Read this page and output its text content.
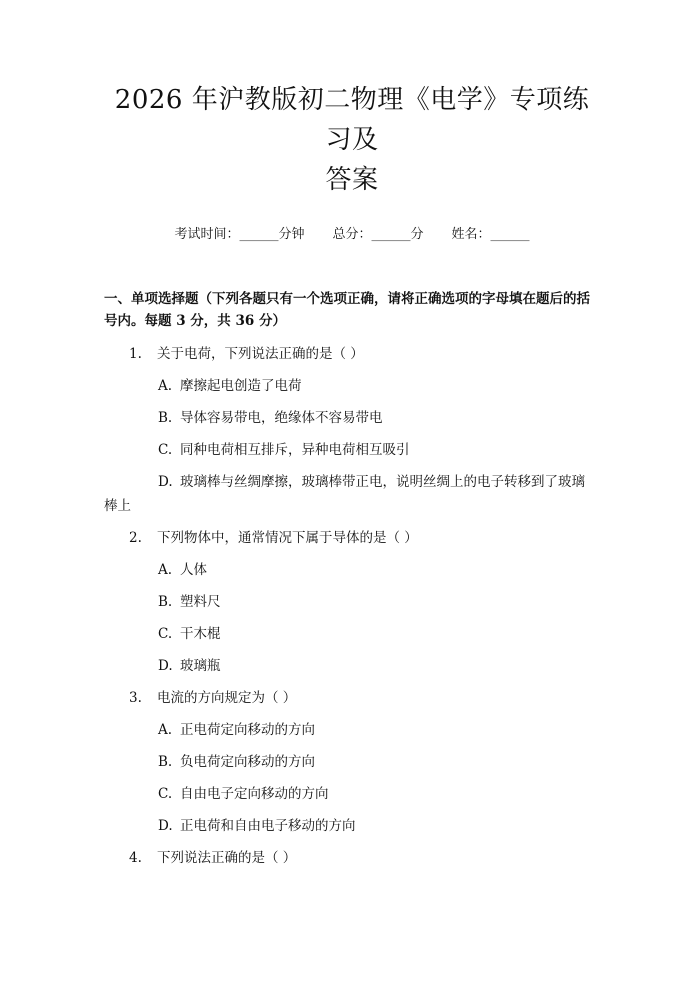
2026 年沪教版初二物理《电学》专项练习及
答案
考试时间：______分钟 总分：______分 姓名：______
一、单项选择题（下列各题只有一个选项正确，请将正确选项的字母填在题后的括号内。每题 3 分，共 36 分）
1. 关于电荷，下列说法正确的是（ ）
A. 摩擦起电创造了电荷
B. 导体容易带电，绝缘体不容易带电
C. 同种电荷相互排斥，异种电荷相互吸引
D. 玻璃棒与丝绸摩擦，玻璃棒带正电，说明丝绸上的电子转移到了玻璃
棒上
2. 下列物体中，通常情况下属于导体的是（ ）
A. 人体
B. 塑料尺
C. 干木棍
D. 玻璃瓶
3. 电流的方向规定为（ ）
A. 正电荷定向移动的方向
B. 负电荷定向移动的方向
C. 自由电子定向移动的方向
D. 正电荷和自由电子移动的方向
4. 下列说法正确的是（ ）
